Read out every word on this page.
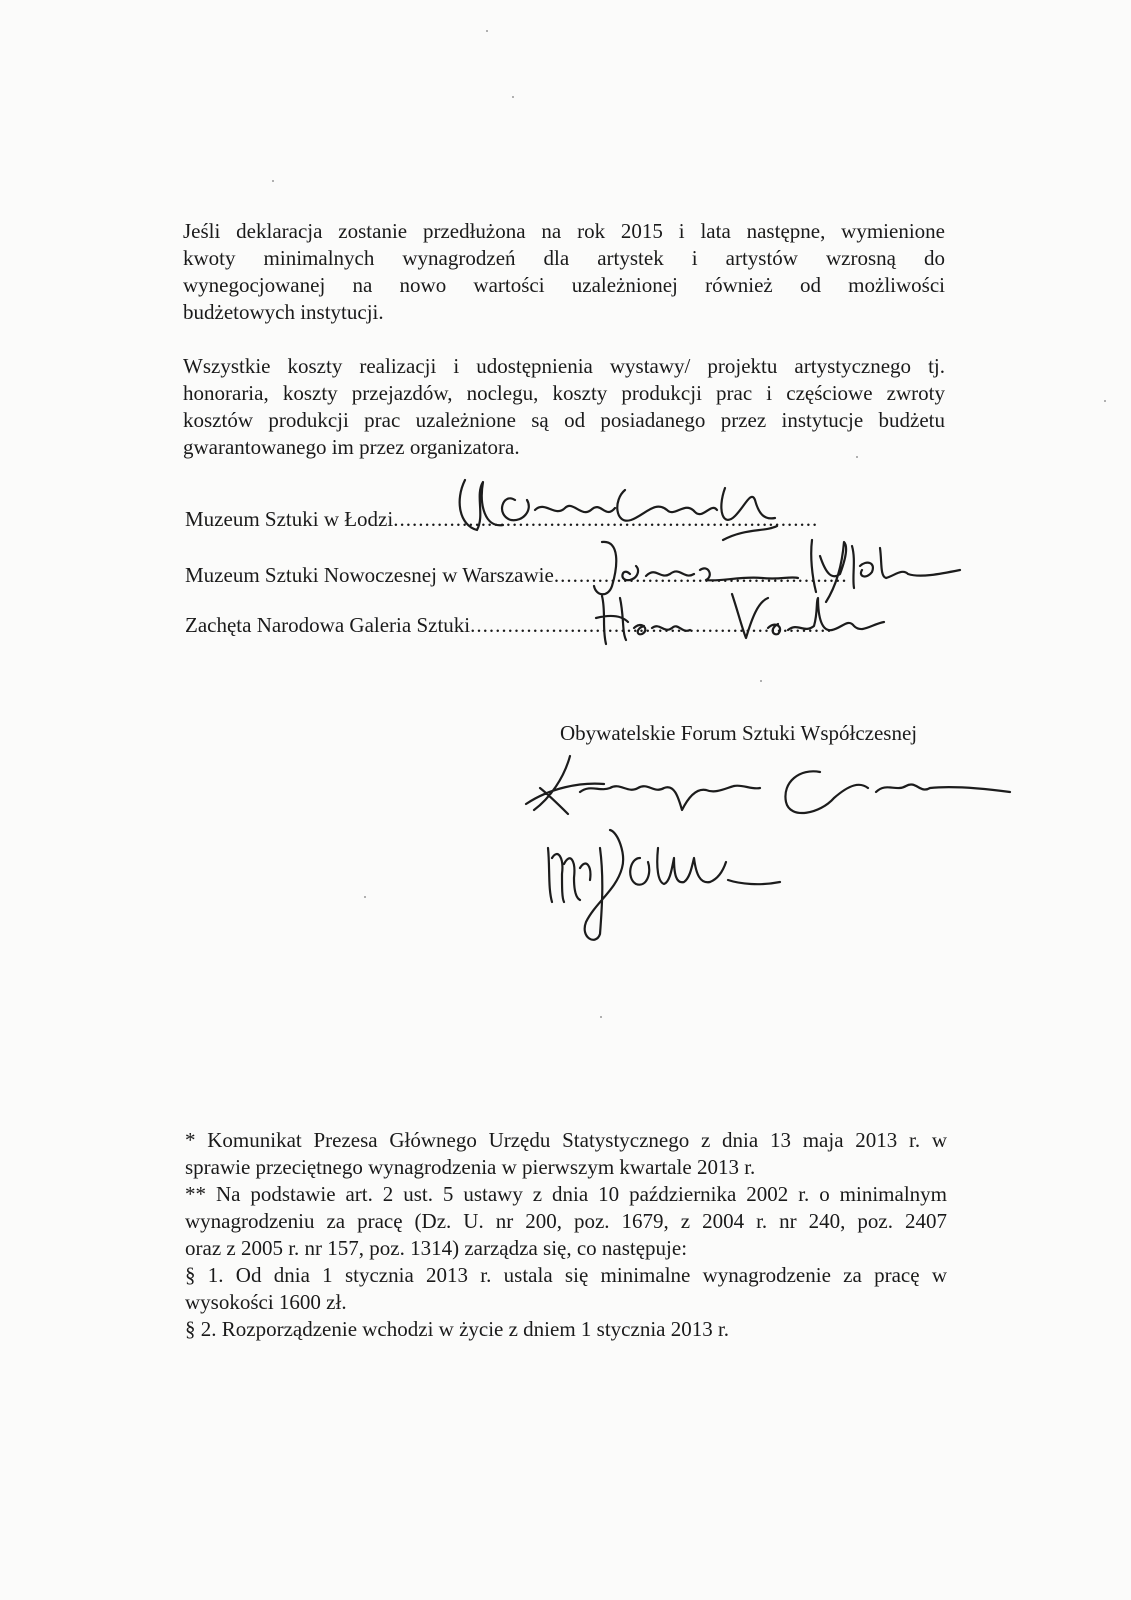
Jeśli deklaracja zostanie przedłużona na rok 2015 i lata następne, wymienione
kwoty minimalnych wynagrodzeń dla artystek i artystów wzrosną do
wynegocjowanej na nowo wartości uzależnionej również od możliwości
budżetowych instytucji.
Wszystkie koszty realizacji i udostępnienia wystawy/ projektu artystycznego tj.
honoraria, koszty przejazdów, noclegu, koszty produkcji prac i częściowe zwroty
kosztów produkcji prac uzależnione są od posiadanego przez instytucje budżetu
gwarantowanego im przez organizatora.
Muzeum Sztuki w Łodzi....................................................................
Muzeum Sztuki Nowoczesnej w Warszawie...............................................
Zachęta Narodowa Galeria Sztuki..........................................................
Obywatelskie Forum Sztuki Współczesnej
* Komunikat Prezesa Głównego Urzędu Statystycznego z dnia 13 maja 2013 r. w
sprawie przeciętnego wynagrodzenia w pierwszym kwartale 2013 r.
** Na podstawie art. 2 ust. 5 ustawy z dnia 10 października 2002 r. o minimalnym
wynagrodzeniu za pracę (Dz. U. nr 200, poz. 1679, z 2004 r. nr 240, poz. 2407
oraz z 2005 r. nr 157, poz. 1314) zarządza się, co następuje:
§ 1. Od dnia 1 stycznia 2013 r. ustala się minimalne wynagrodzenie za pracę w
wysokości 1600 zł.
§ 2. Rozporządzenie wchodzi w życie z dniem 1 stycznia 2013 r.
